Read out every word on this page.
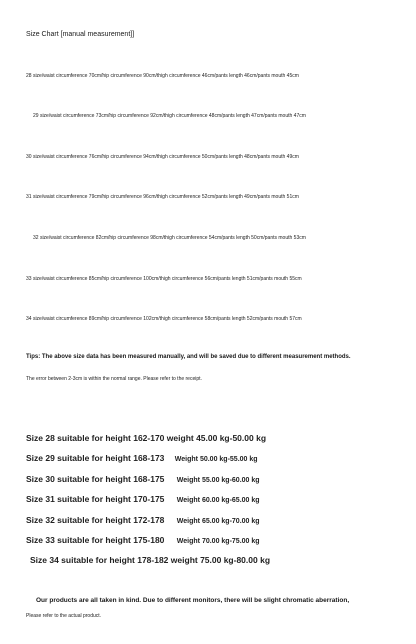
Size Chart [manual measurement]]
28 size/waist circumference 70cm/hip circumference 90cm/thigh circumference 46cm/pants length 46cm/pants mouth 45cm
29 size/waist circumference 73cm/hip circumference 92cm/thigh circumference 48cm/pants length 47cm/pants mouth 47cm
30 size/waist circumference 76cm/hip circumference 94cm/thigh circumference 50cm/pants length 48cm/pants mouth 49cm
31 size/waist circumference 79cm/hip circumference 96cm/thigh circumference 52cm/pants length 49cm/pants mouth 51cm
32 size/waist circumference 82cm/hip circumference 98cm/thigh circumference 54cm/pants length 50cm/pants mouth 53cm
33 size/waist circumference 85cm/hip circumference 100cm/thigh circumference 56cm/pants length 51cm/pants mouth 55cm
34 size/waist circumference 89cm/hip circumference 102cm/thigh circumference 58cm/pants length 52cm/pants mouth 57cm
Tips: The above size data has been measured manually, and will be saved due to different measurement methods.
The error between 2-3cm is within the normal range. Please refer to the receipt.
Size 28 suitable for height 162-170 weight 45.00 kg-50.00 kg
Size 29 suitable for height 168-173 Weight 50.00 kg-55.00 kg
Size 30 suitable for height 168-175 Weight 55.00 kg-60.00 kg
Size 31 suitable for height 170-175 Weight 60.00 kg-65.00 kg
Size 32 suitable for height 172-178 Weight 65.00 kg-70.00 kg
Size 33 suitable for height 175-180 Weight 70.00 kg-75.00 kg
Size 34 suitable for height 178-182 weight 75.00 kg-80.00 kg
Our products are all taken in kind. Due to different monitors, there will be slight chromatic aberration,
Please refer to the actual product.
